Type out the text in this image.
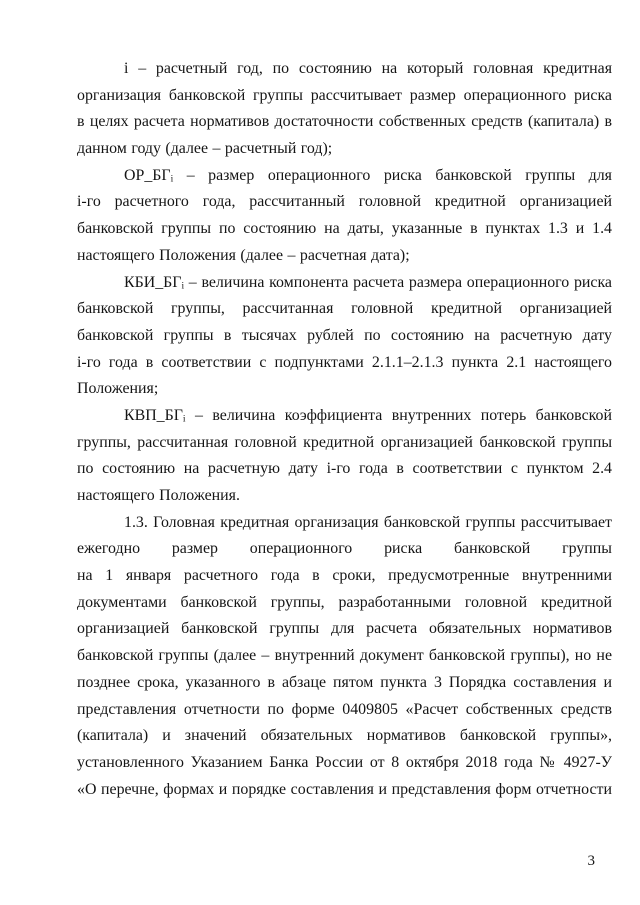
i – расчетный год, по состоянию на который головная кредитная
организация банковской группы рассчитывает размер операционного риска
в целях расчета нормативов достаточности собственных средств (капитала) в
данном году (далее – расчетный год);
ОР_БГᵢ – размер операционного риска банковской группы для
i-го расчетного года, рассчитанный головной кредитной организацией
банковской группы по состоянию на даты, указанные в пунктах 1.3 и 1.4
настоящего Положения (далее – расчетная дата);
КБИ_БГᵢ – величина компонента расчета размера операционного риска
банковской группы, рассчитанная головной кредитной организацией
банковской группы в тысячах рублей по состоянию на расчетную дату
i-го года в соответствии с подпунктами 2.1.1–2.1.3 пункта 2.1 настоящего
Положения;
КВП_БГᵢ – величина коэффициента внутренних потерь банковской
группы, рассчитанная головной кредитной организацией банковской группы
по состоянию на расчетную дату i-го года в соответствии с пунктом 2.4
настоящего Положения.
1.3. Головная кредитная организация банковской группы рассчитывает
ежегодно размер операционного риска банковской группы
на 1 января расчетного года в сроки, предусмотренные внутренними
документами банковской группы, разработанными головной кредитной
организацией банковской группы для расчета обязательных нормативов
банковской группы (далее – внутренний документ банковской группы), но не
позднее срока, указанного в абзаце пятом пункта 3 Порядка составления и
представления отчетности по форме 0409805 «Расчет собственных средств
(капитала) и значений обязательных нормативов банковской группы»,
установленного Указанием Банка России от 8 октября 2018 года № 4927-У
«О перечне, формах и порядке составления и представления форм отчетности
3
